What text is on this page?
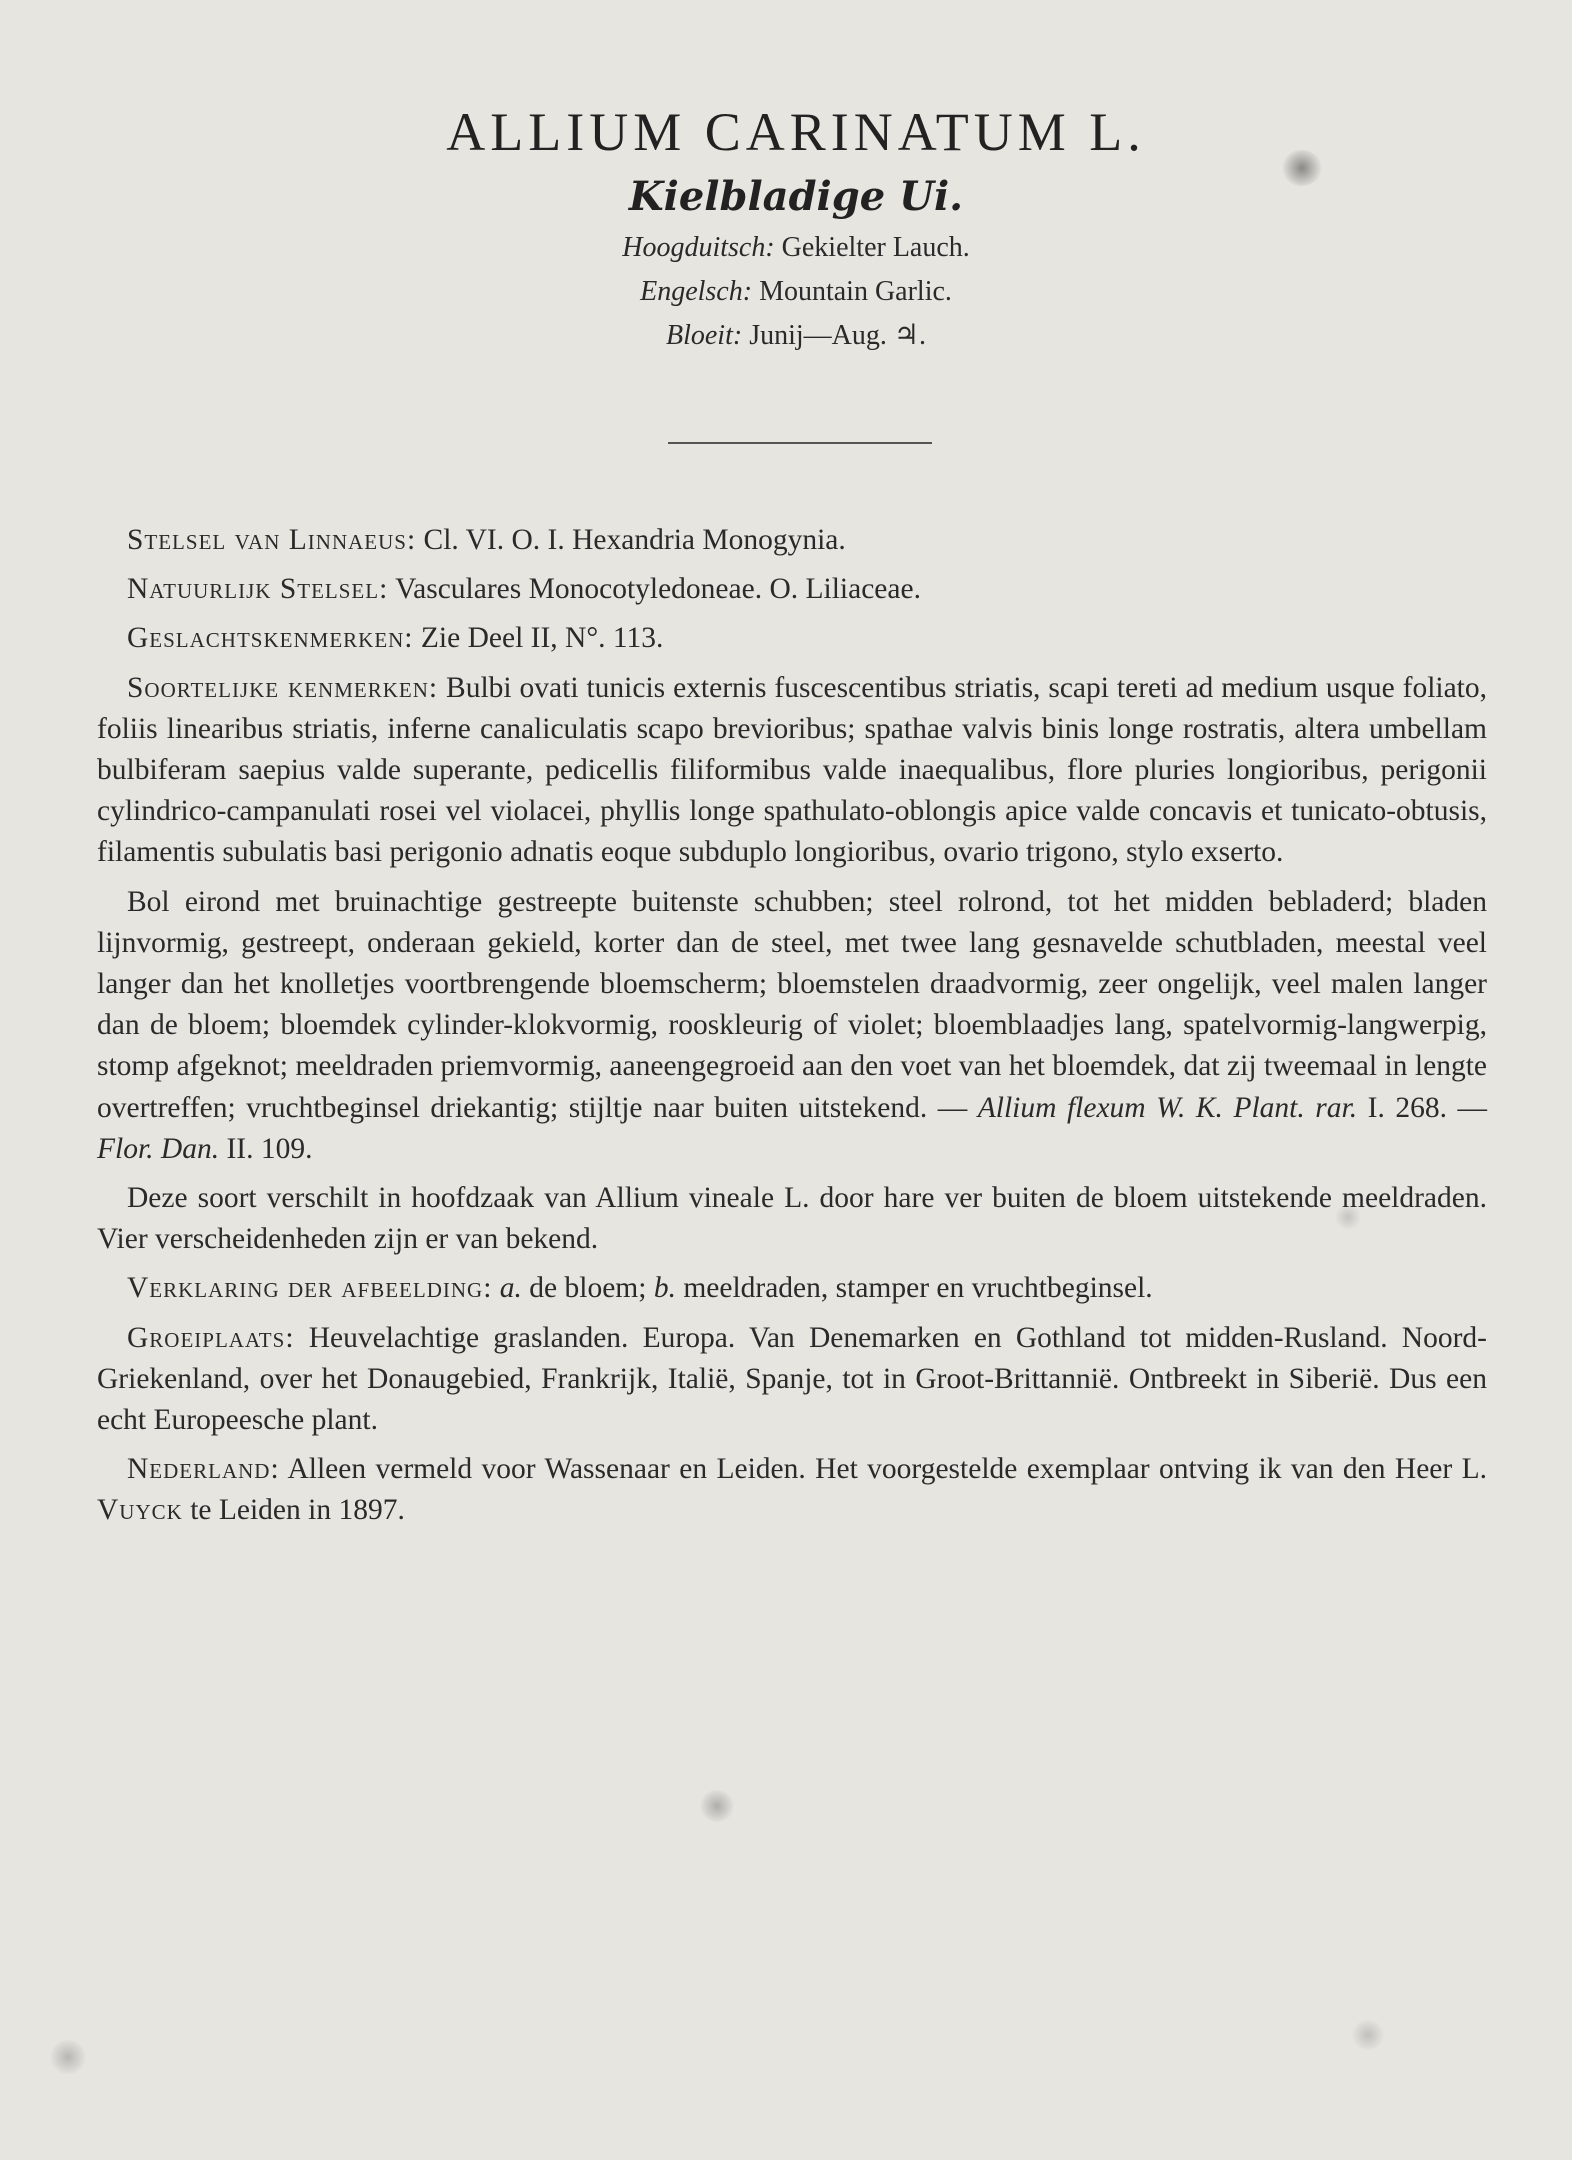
ALLIUM CARINATUM L.
Kielbladige Ui.
Hoogduitsch: Gekielter Lauch.
Engelsch: Mountain Garlic.
Bloeit: Junij—Aug. ♃.

Stelsel van Linnaeus: Cl. VI. O. I. Hexandria Monogynia.

Natuurlijk Stelsel: Vasculares Monocotyledoneae. O. Liliaceae.

Geslachtskenmerken: Zie Deel II, N°. 113.

Soortelijke kenmerken: Bulbi ovati tunicis externis fuscescentibus striatis, scapi tereti ad medium usque foliato, foliis linearibus striatis, inferne canaliculatis scapo brevioribus; spathae valvis binis longe rostratis, altera umbellam bulbiferam saepius valde superante, pedicellis filiformibus valde inaequalibus, flore pluries longioribus, perigonii cylindrico-campanulati rosei vel violacei, phyllis longe spathulato-oblongis apice valde concavis et tunicato-obtusis, filamentis subulatis basi perigonio adnatis eoque subduplo longioribus, ovario trigono, stylo exserto.

Bol eirond met bruinachtige gestreepte buitenste schubben; steel rolrond, tot het midden bebladerd; bladen lijnvormig, gestreept, onderaan gekield, korter dan de steel, met twee lang gesnavelde schutbladen, meestal veel langer dan het knolletjes voortbrengende bloemscherm; bloemstelen draadvormig, zeer ongelijk, veel malen langer dan de bloem; bloemdek cylinder-klokvormig, rooskleurig of violet; bloemblaadjes lang, spatelvormig-langwerpig, stomp afgeknot; meeldraden priemvormig, aaneengegroeid aan den voet van het bloemdek, dat zij tweemaal in lengte overtreffen; vruchtbeginsel driekantig; stijltje naar buiten uitstekend. — Allium flexum W. K. Plant. rar. I. 268. — Flor. Dan. II. 109.

Deze soort verschilt in hoofdzaak van Allium vineale L. door hare ver buiten de bloem uitstekende meeldraden. Vier verscheidenheden zijn er van bekend.

Verklaring der afbeelding: a. de bloem; b. meeldraden, stamper en vruchtbeginsel.

Groeiplaats: Heuvelachtige graslanden. Europa. Van Denemarken en Gothland tot midden-Rusland. Noord-Griekenland, over het Donaugebied, Frankrijk, Italië, Spanje, tot in Groot-Brittannië. Ontbreekt in Siberië. Dus een echt Europeesche plant.

Nederland: Alleen vermeld voor Wassenaar en Leiden. Het voorgestelde exemplaar ontving ik van den Heer L. Vuyck te Leiden in 1897.
